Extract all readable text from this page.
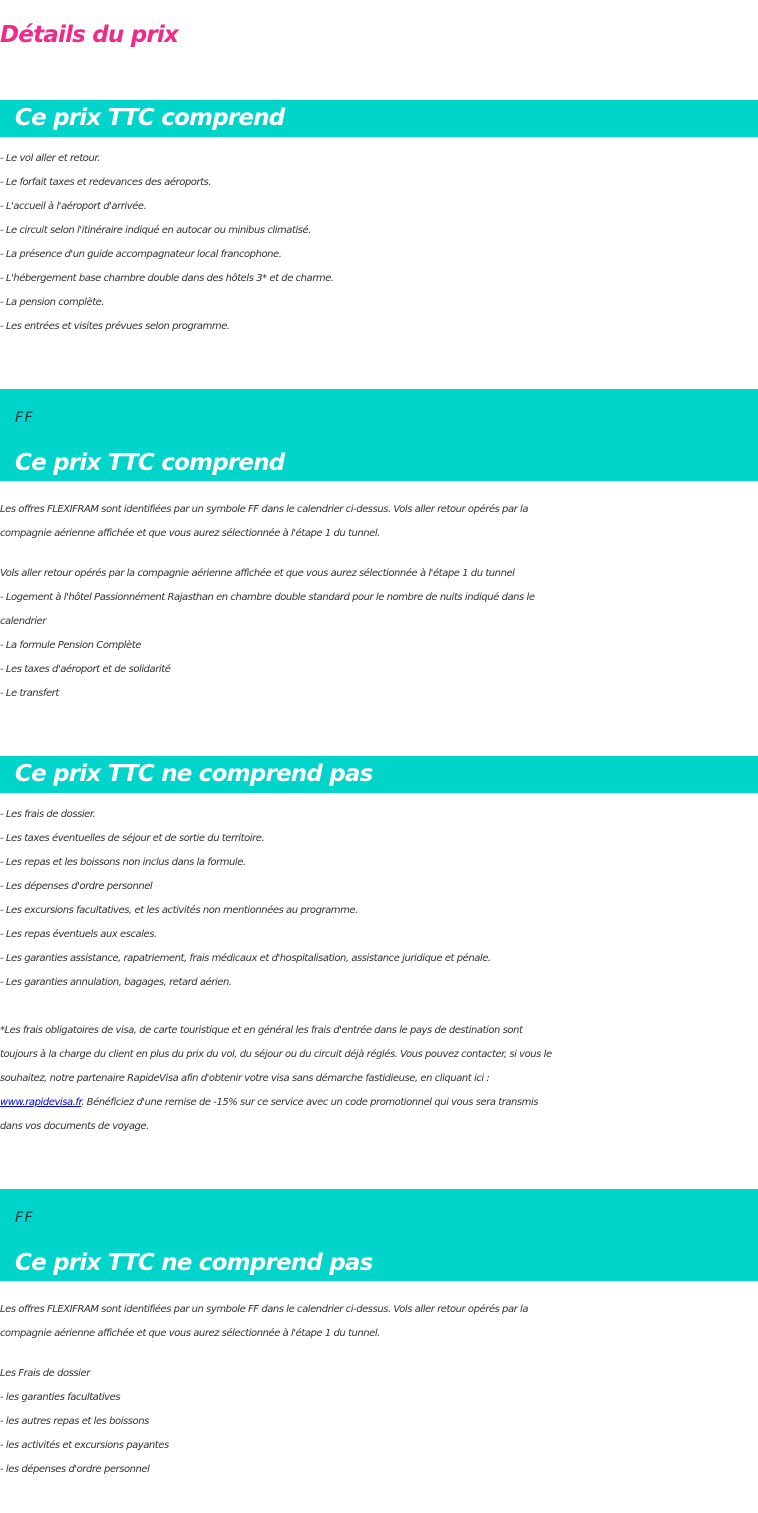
Détails du prix
Ce prix TTC comprend
- Le vol aller et retour.
- Le forfait taxes et redevances des aéroports.
- L'accueil à l'aéroport d'arrivée.
- Le circuit selon l'itinéraire indiqué en autocar ou minibus climatisé.
- La présence d'un guide accompagnateur local francophone.
- L'hébergement base chambre double dans des hôtels 3* et de charme.
- La pension complète.
- Les entrées et visites prévues selon programme.
FF
Ce prix TTC comprend
Les offres FLEXIFRAM sont identifiées par un symbole FF dans le calendrier ci-dessus. Vols aller retour opérés par la
compagnie aérienne affichée et que vous aurez sélectionnée à l'étape 1 du tunnel.
Vols aller retour opérés par la compagnie aérienne affichée et que vous aurez sélectionnée à l'étape 1 du tunnel
- Logement à l'hôtel Passionnément Rajasthan en chambre double standard pour le nombre de nuits indiqué dans le
calendrier
- La formule Pension Complète
- Les taxes d'aéroport et de solidarité
- Le transfert
Ce prix TTC ne comprend pas
- Les frais de dossier.
- Les taxes éventuelles de séjour et de sortie du territoire.
- Les repas et les boissons non inclus dans la formule.
- Les dépenses d'ordre personnel
- Les excursions facultatives, et les activités non mentionnées au programme.
- Les repas éventuels aux escales.
- Les garanties assistance, rapatriement, frais médicaux et d'hospitalisation, assistance juridique et pénale.
- Les garanties annulation, bagages, retard aérien.
*Les frais obligatoires de visa, de carte touristique et en général les frais d'entrée dans le pays de destination sont
toujours à la charge du client en plus du prix du vol, du séjour ou du circuit déjà réglés. Vous pouvez contacter, si vous le
souhaitez, notre partenaire RapideVisa afin d'obtenir votre visa sans démarche fastidieuse, en cliquant ici :
www.rapidevisa.fr. Bénéficiez d'une remise de -15% sur ce service avec un code promotionnel qui vous sera transmis
dans vos documents de voyage.
FF
Ce prix TTC ne comprend pas
Les offres FLEXIFRAM sont identifiées par un symbole FF dans le calendrier ci-dessus. Vols aller retour opérés par la
compagnie aérienne affichée et que vous aurez sélectionnée à l'étape 1 du tunnel.
Les Frais de dossier
- les garanties facultatives
- les autres repas et les boissons
- les activités et excursions payantes
- les dépenses d'ordre personnel
